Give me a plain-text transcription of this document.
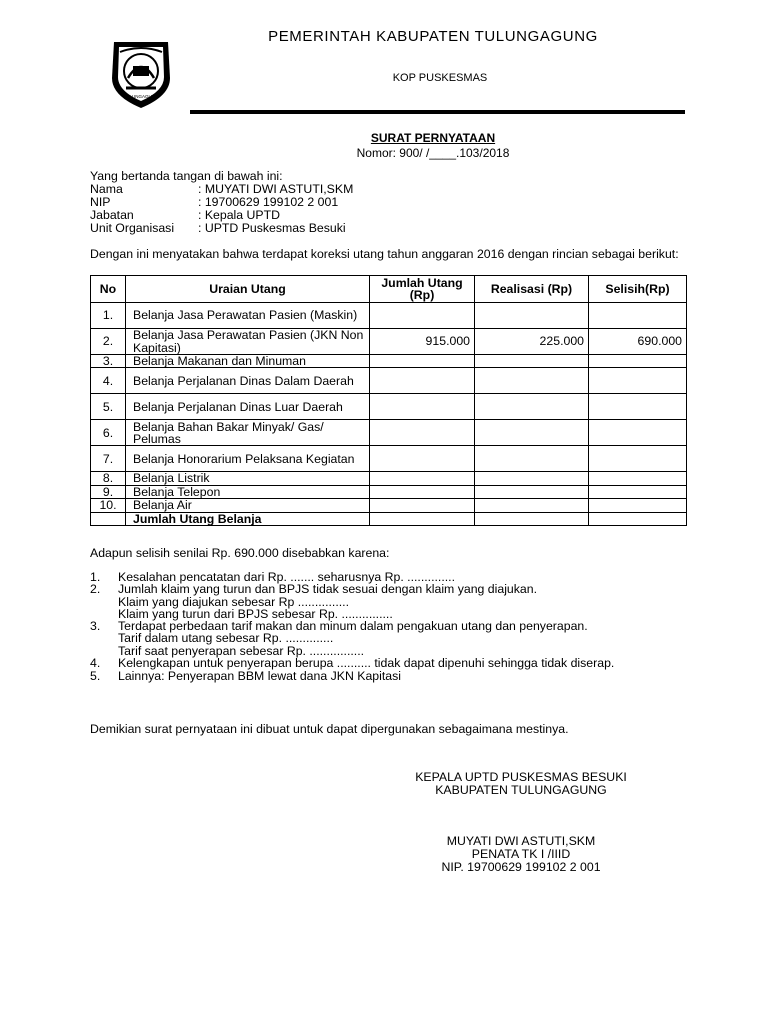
TULUNGAGUNG
PEMERINTAH KABUPATEN TULUNGAGUNG
KOP PUSKESMAS
SURAT PERNYATAAN
Nomor: 900/ /____.103/2018
Yang bertanda tangan di bawah ini:
Nama	: MUYATI DWI ASTUTI,SKM
NIP	: 19700629 199102 2 001
Jabatan	: Kepala UPTD
Unit Organisasi	: UPTD Puskesmas Besuki
Dengan ini menyatakan bahwa terdapat koreksi utang tahun anggaran 2016 dengan rincian sebagai berikut:
No	Uraian Utang	Jumlah Utang (Rp)	Realisasi (Rp)	Selisih(Rp)
1.	Belanja Jasa Perawatan Pasien (Maskin)			
2.	Belanja Jasa Perawatan Pasien (JKN Non Kapitasi)	915.000	225.000	690.000
3.	Belanja Makanan dan Minuman			
4.	Belanja Perjalanan Dinas Dalam Daerah			
5.	Belanja Perjalanan Dinas Luar Daerah			
6.	Belanja Bahan Bakar Minyak/ Gas/ Pelumas			
7.	Belanja Honorarium Pelaksana Kegiatan			
8.	Belanja Listrik			
9.	Belanja Telepon			
10.	Belanja Air			
	Jumlah Utang Belanja			
Adapun selisih senilai Rp. 690.000 disebabkan karena:
1. Kesalahan pencatatan dari Rp. ....... seharusnya Rp. ..............
2. Jumlah klaim yang turun dan BPJS tidak sesuai dengan klaim yang diajukan.
Klaim yang diajukan sebesar Rp ...............
Klaim yang turun dari BPJS sebesar Rp. ...............
3. Terdapat perbedaan tarif makan dan minum dalam pengakuan utang dan penyerapan.
Tarif dalam utang sebesar Rp. ..............
Tarif saat penyerapan sebesar Rp. ................
4. Kelengkapan untuk penyerapan berupa .......... tidak dapat dipenuhi sehingga tidak diserap.
5. Lainnya: Penyerapan BBM lewat dana JKN Kapitasi
Demikian surat pernyataan ini dibuat untuk dapat dipergunakan sebagaimana mestinya.
KEPALA UPTD PUSKESMAS BESUKI
KABUPATEN TULUNGAGUNG
MUYATI DWI ASTUTI,SKM
PENATA TK I /IIID
NIP. 19700629 199102 2 001
